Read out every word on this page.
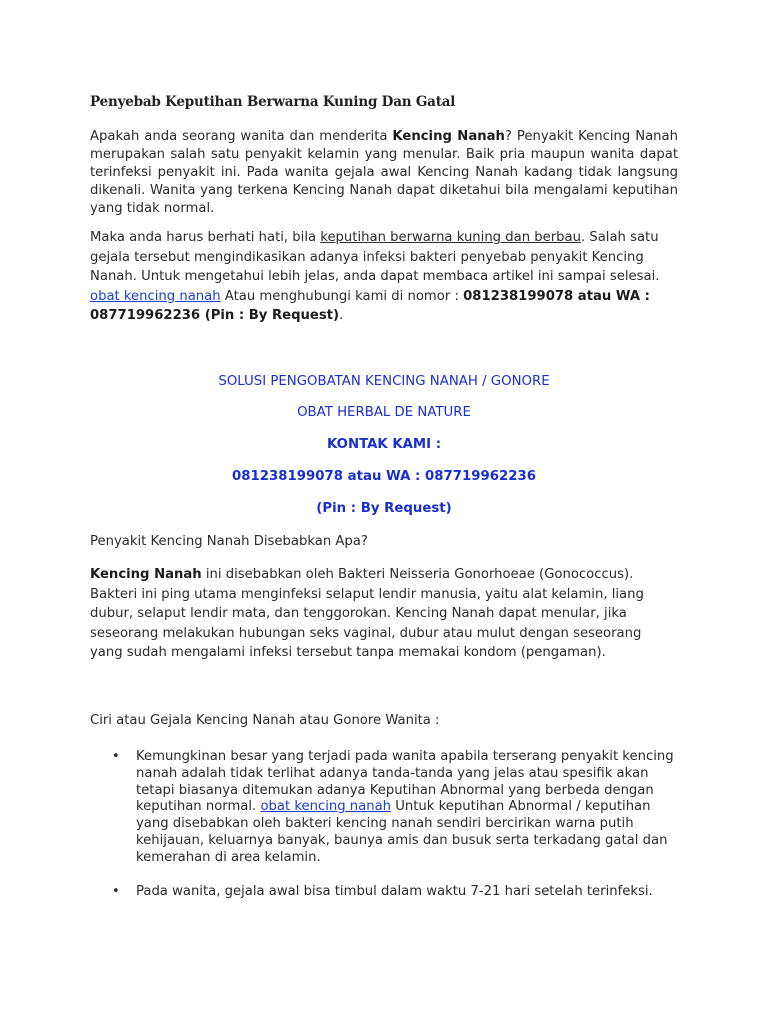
Penyebab Keputihan Berwarna Kuning Dan Gatal
Apakah anda seorang wanita dan menderita Kencing Nanah? Penyakit Kencing Nanah merupakan salah satu penyakit kelamin yang menular. Baik pria maupun wanita dapat terinfeksi penyakit ini. Pada wanita gejala awal Kencing Nanah kadang tidak langsung dikenali. Wanita yang terkena Kencing Nanah dapat diketahui bila mengalami keputihan yang tidak normal.
Maka anda harus berhati hati, bila keputihan berwarna kuning dan berbau. Salah satu gejala tersebut mengindikasikan adanya infeksi bakteri penyebab penyakit Kencing Nanah. Untuk mengetahui lebih jelas, anda dapat membaca artikel ini sampai selesai. obat kencing nanah Atau menghubungi kami di nomor : 081238199078 atau WA : 087719962236 (Pin : By Request).
SOLUSI PENGOBATAN KENCING NANAH / GONORE
OBAT HERBAL DE NATURE
KONTAK KAMI :
081238199078 atau WA : 087719962236
(Pin : By Request)
Penyakit Kencing Nanah Disebabkan Apa?
Kencing Nanah ini disebabkan oleh Bakteri Neisseria Gonorhoeae (Gonococcus). Bakteri ini ping utama menginfeksi selaput lendir manusia, yaitu alat kelamin, liang dubur, selaput lendir mata, dan tenggorokan. Kencing Nanah dapat menular, jika seseorang melakukan hubungan seks vaginal, dubur atau mulut dengan seseorang yang sudah mengalami infeksi tersebut tanpa memakai kondom (pengaman).
Ciri atau Gejala Kencing Nanah atau Gonore Wanita :
• Kemungkinan besar yang terjadi pada wanita apabila terserang penyakit kencing nanah adalah tidak terlihat adanya tanda-tanda yang jelas atau spesifik akan tetapi biasanya ditemukan adanya Keputihan Abnormal yang berbeda dengan keputihan normal. obat kencing nanah Untuk keputihan Abnormal / keputihan yang disebabkan oleh bakteri kencing nanah sendiri bercirikan warna putih kehijauan, keluarnya banyak, baunya amis dan busuk serta terkadang gatal dan kemerahan di area kelamin.
• Pada wanita, gejala awal bisa timbul dalam waktu 7-21 hari setelah terinfeksi.
